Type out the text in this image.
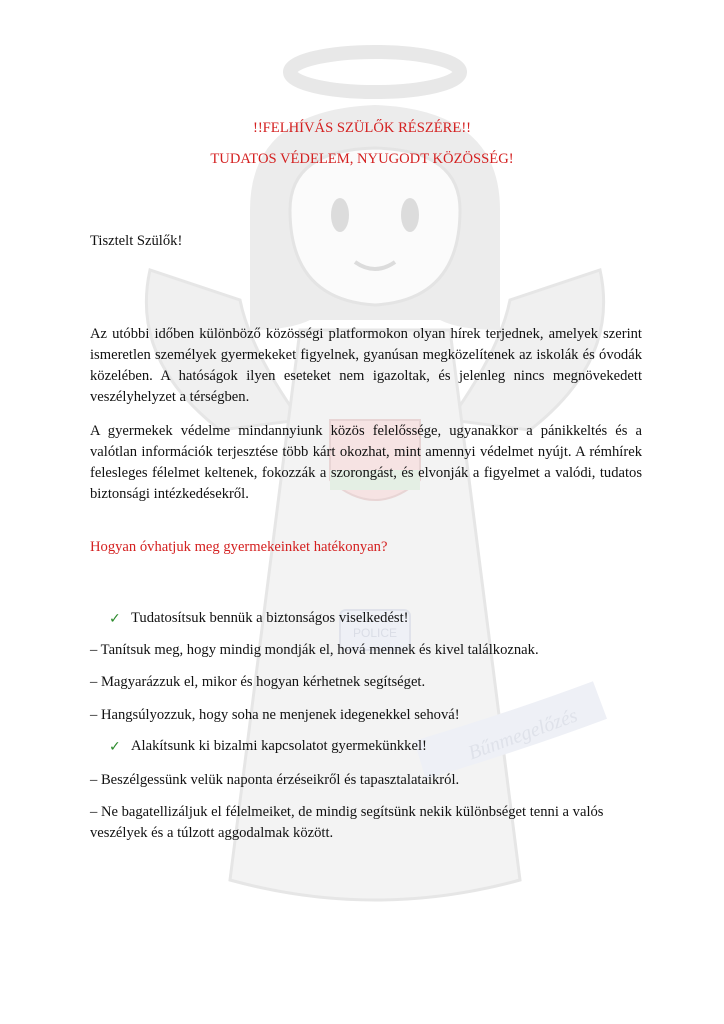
POLICE
Bűnmegelőzés
!!FELHÍVÁS SZÜLŐK RÉSZÉRE!!
TUDATOS VÉDELEM, NYUGODT KÖZÖSSÉG!
Tisztelt Szülők!
Az utóbbi időben különböző közösségi platformokon olyan hírek terjednek, amelyek szerint ismeretlen személyek gyermekeket figyelnek, gyanúsan megközelítenek az iskolák és óvodák közelében. A hatóságok ilyen eseteket nem igazoltak, és jelenleg nincs megnövekedett veszélyhelyzet a térségben.
A gyermekek védelme mindannyiunk közös felelőssége, ugyanakkor a pánikkeltés és a valótlan információk terjesztése több kárt okozhat, mint amennyi védelmet nyújt. A rémhírek felesleges félelmet keltenek, fokozzák a szorongást, és elvonják a figyelmet a valódi, tudatos biztonsági intézkedésekről.
Hogyan óvhatjuk meg gyermekeinket hatékonyan?
✓ Tudatosítsuk bennük a biztonságos viselkedést!
– Tanítsuk meg, hogy mindig mondják el, hová mennek és kivel találkoznak.
– Magyarázzuk el, mikor és hogyan kérhetnek segítséget.
– Hangsúlyozzuk, hogy soha ne menjenek idegenekkel sehová!
✓ Alakítsunk ki bizalmi kapcsolatot gyermekünkkel!
– Beszélgessünk velük naponta érzéseikről és tapasztalataikról.
– Ne bagatellizáljuk el félelmeiket, de mindig segítsünk nekik különbséget tenni a valós veszélyek és a túlzott aggodalmak között.
